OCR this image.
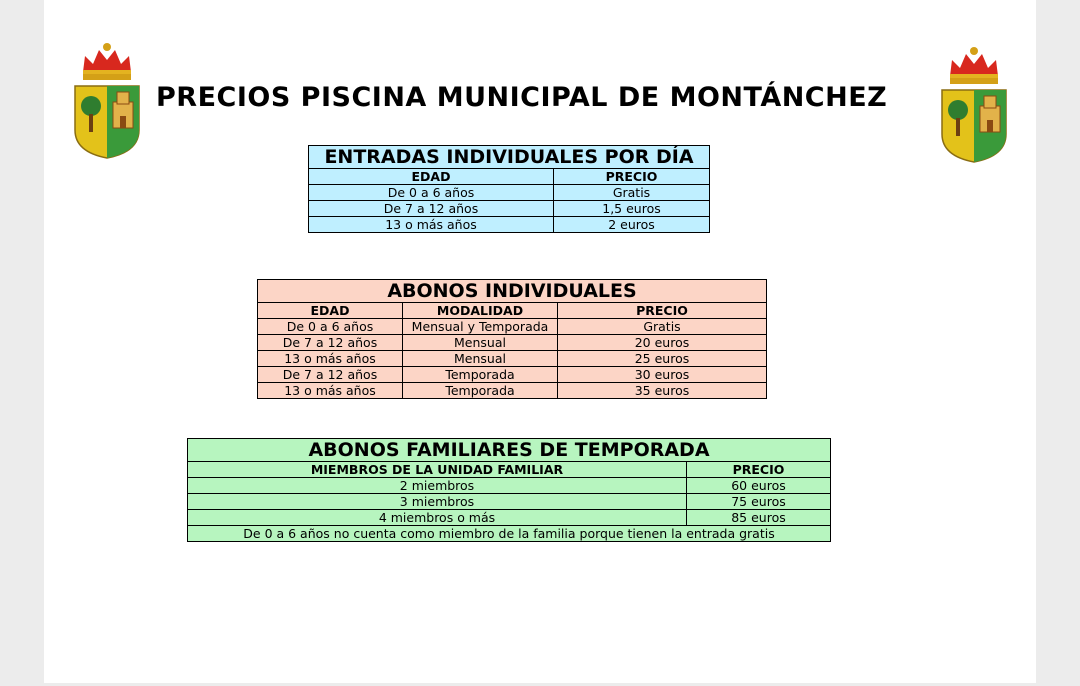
PRECIOS PISCINA MUNICIPAL DE MONTÁNCHEZ
ENTRADAS INDIVIDUALES POR DÍA	
EDAD	PRECIO
De 0 a 6 años	Gratis
De 7 a 12 años	1,5 euros
13 o más años	2 euros
ABONOS INDIVIDUALES		
EDAD	MODALIDAD	PRECIO
De 0 a 6 años	Mensual y Temporada	Gratis
De 7 a 12 años	Mensual	20 euros
13 o más años	Mensual	25 euros
De 7 a 12 años	Temporada	30 euros
13 o más años	Temporada	35 euros
ABONOS FAMILIARES DE TEMPORADA	
MIEMBROS DE LA UNIDAD FAMILIAR	PRECIO
2 miembros	60 euros
3 miembros	75 euros
4 miembros o más	85 euros
De 0 a 6 años no cuenta como miembro de la familia porque tienen la entrada gratis	
